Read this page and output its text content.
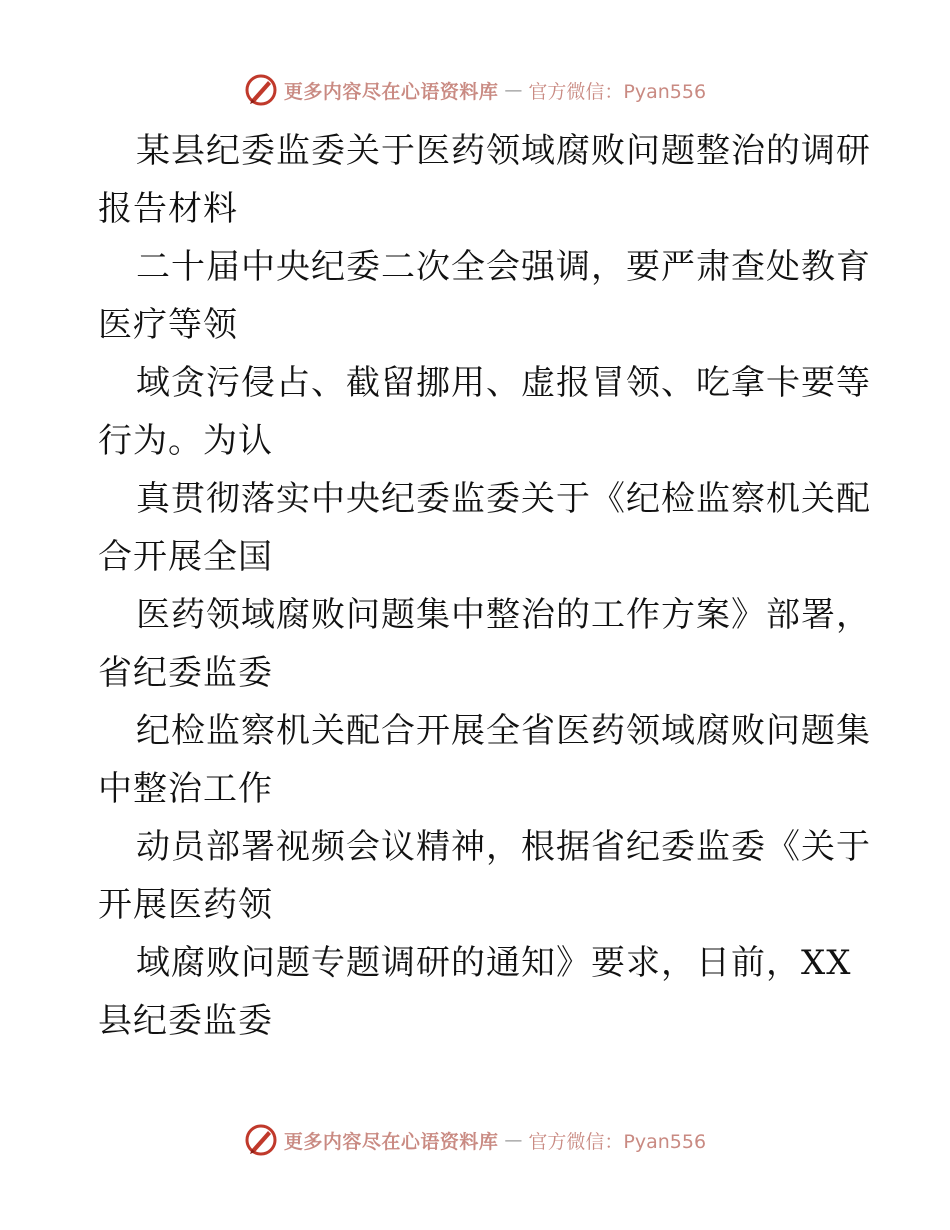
更多内容尽在心语资料库 — 官方微信：Pyan556
某县纪委监委关于医药领域腐败问题整治的调研
报告材料
二十届中央纪委二次全会强调，要严肃查处教育
医疗等领
域贪污侵占、截留挪用、虚报冒领、吃拿卡要等
行为。为认
真贯彻落实中央纪委监委关于《纪检监察机关配
合开展全国
医药领域腐败问题集中整治的工作方案》部署，
省纪委监委
纪检监察机关配合开展全省医药领域腐败问题集
中整治工作
动员部署视频会议精神，根据省纪委监委《关于
开展医药领
域腐败问题专题调研的通知》要求，日前，XX
县纪委监委
更多内容尽在心语资料库 — 官方微信：Pyan556
